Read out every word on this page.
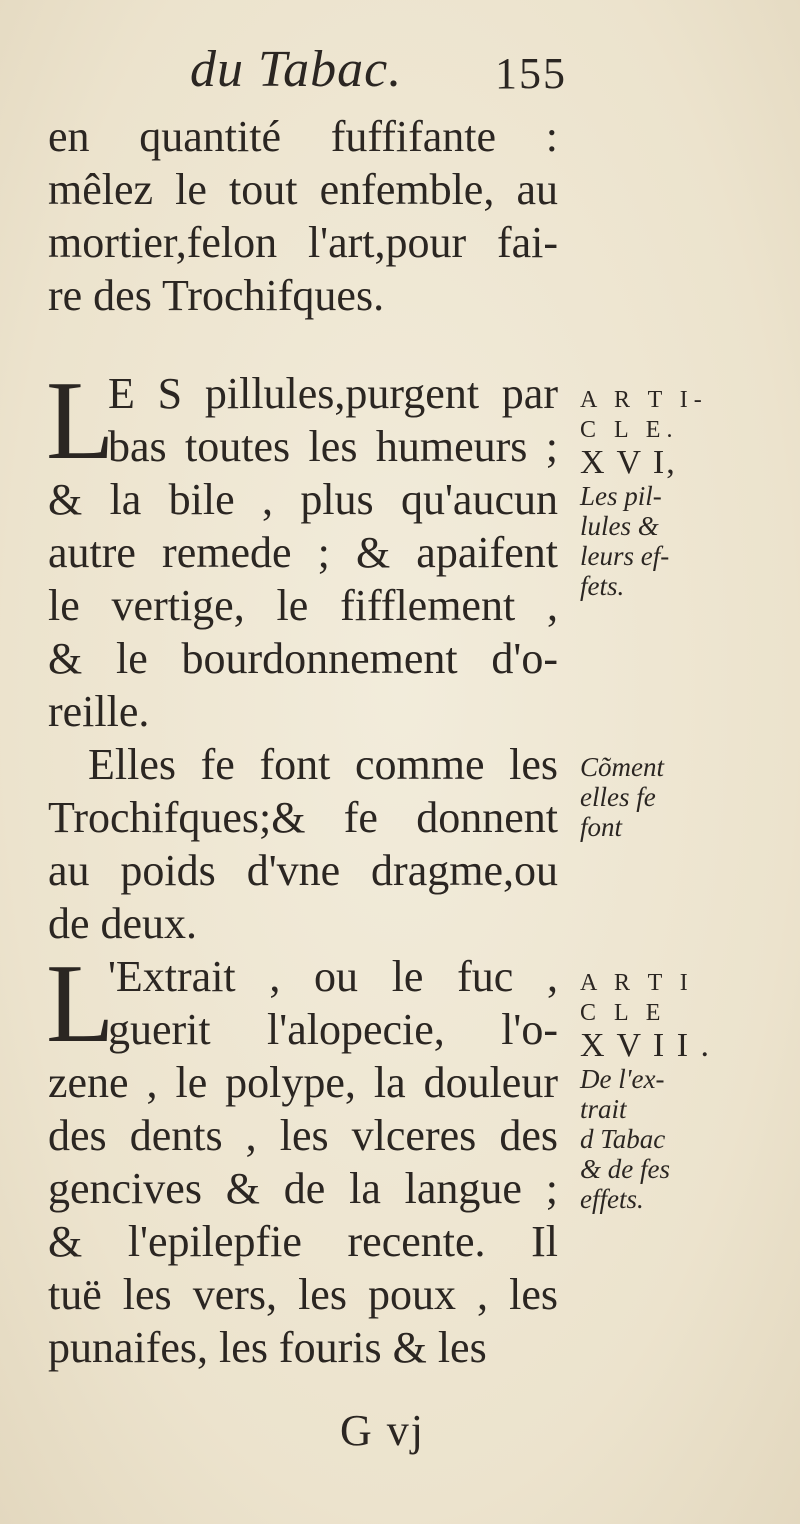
du Tabac. 155
en quantité fuffifante :
mêlez le tout enfemble, au
mortier,felon l'art,pour fai-
re des Trochifques.
L
E S pillules,purgent par
bas toutes les humeurs ;
& la bile , plus qu'aucun
autre remede ; & apaifent
le vertige, le fifflement ,
& le bourdonnement d'o-
reille.
Elles fe font comme les
Trochifques;& fe donnent
au poids d'vne dragme,ou
de deux.
L
'Extrait , ou le fuc ,
guerit l'alopecie, l'o-
zene , le polype, la douleur
des dents , les vlceres des
gencives & de la langue ;
& l'epilepfie recente. Il
tuë les vers, les poux , les
punaifes, les fouris & les
A R T I-
C L E.
X V I,
Les pil-
lules &
leurs ef-
fets.
Cõment
elles fe
font
A R T I
C L E
X V I I .
De l'ex-
trait
d Tabac
& de fes
effets.
G vj
